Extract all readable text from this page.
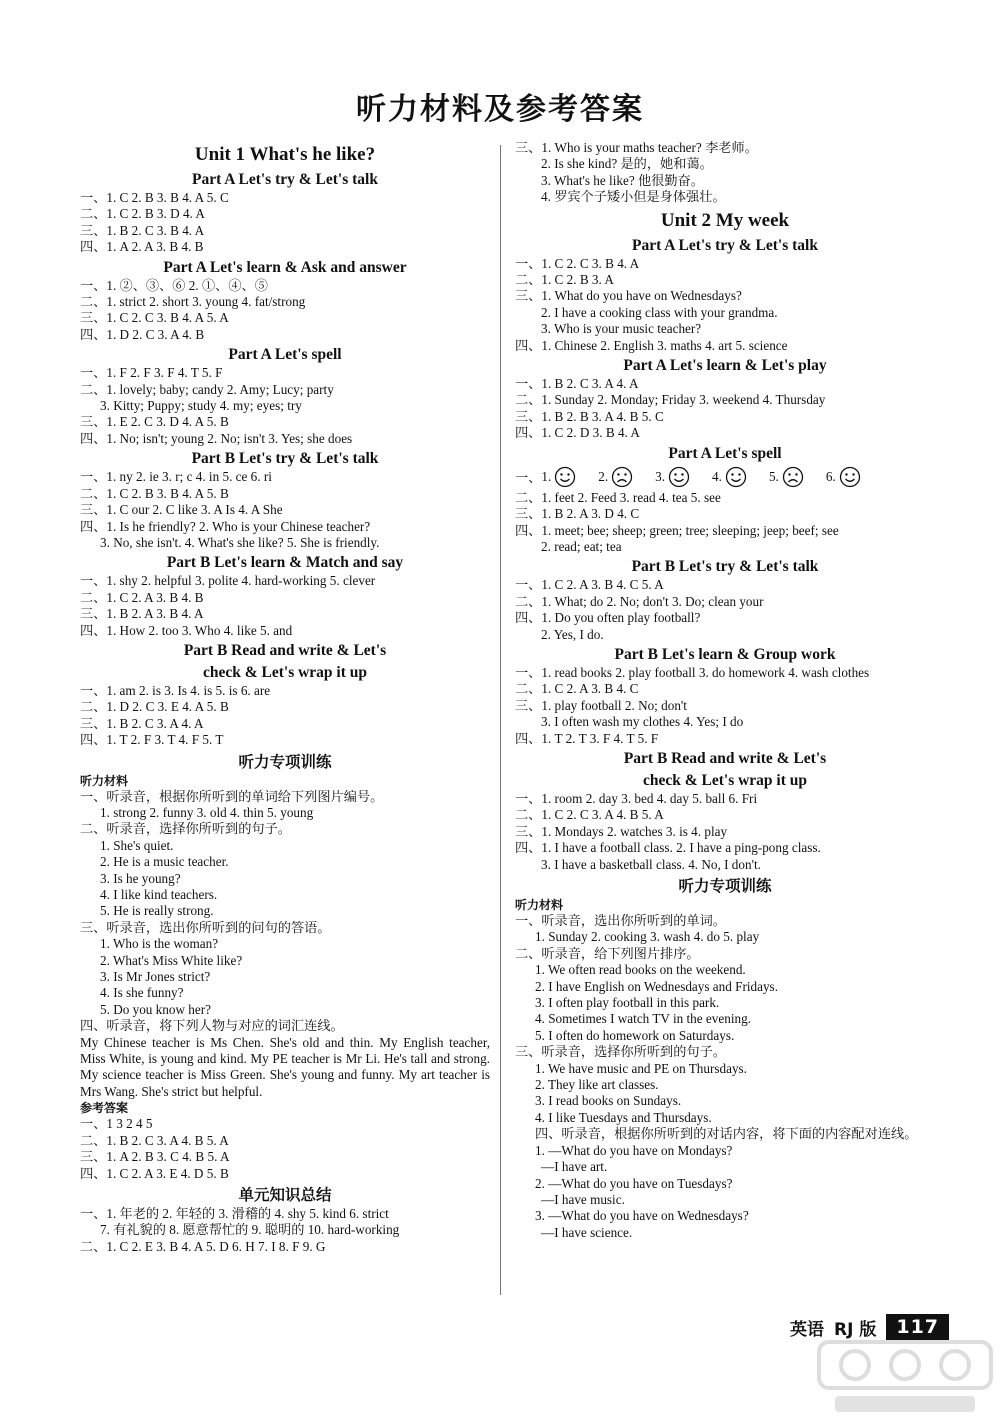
听力材料及参考答案
Unit 1 What's he like?
Part A Let's try & Let's talk
一、1. C 2. B 3. B 4. A 5. C
二、1. C 2. B 3. D 4. A
三、1. B 2. C 3. B 4. A
四、1. A 2. A 3. B 4. B
Part A Let's learn & Ask and answer
一、1. ②、③、⑥ 2. ①、④、⑤
二、1. strict 2. short 3. young 4. fat/strong
三、1. C 2. C 3. B 4. A 5. A
四、1. D 2. C 3. A 4. B
Part A Let's spell
一、1. F 2. F 3. F 4. T 5. F
二、1. lovely; baby; candy 2. Amy; Lucy; party
3. Kitty; Puppy; study 4. my; eyes; try
三、1. E 2. C 3. D 4. A 5. B
四、1. No; isn't; young 2. No; isn't 3. Yes; she does
Part B Let's try & Let's talk
一、1. ny 2. ie 3. r; c 4. in 5. ce 6. ri
二、1. C 2. B 3. B 4. A 5. B
三、1. C our 2. C like 3. A Is 4. A She
四、1. Is he friendly? 2. Who is your Chinese teacher?
3. No, she isn't. 4. What's she like? 5. She is friendly.
Part B Let's learn & Match and say
一、1. shy 2. helpful 3. polite 4. hard-working 5. clever
二、1. C 2. A 3. B 4. B
三、1. B 2. A 3. B 4. A
四、1. How 2. too 3. Who 4. like 5. and
Part B Read and write & Let's
check & Let's wrap it up
一、1. am 2. is 3. Is 4. is 5. is 6. are
二、1. D 2. C 3. E 4. A 5. B
三、1. B 2. C 3. A 4. A
四、1. T 2. F 3. T 4. F 5. T
听力专项训练
听力材料
一、听录音，根据你所听到的单词给下列图片编号。
1. strong 2. funny 3. old 4. thin 5. young
二、听录音，选择你所听到的句子。
1. She's quiet.
2. He is a music teacher.
3. Is he young?
4. I like kind teachers.
5. He is really strong.
三、听录音，选出你所听到的问句的答语。
1. Who is the woman?
2. What's Miss White like?
3. Is Mr Jones strict?
4. Is she funny?
5. Do you know her?
四、听录音，将下列人物与对应的词汇连线。
My Chinese teacher is Ms Chen. She's old and thin. My English teacher, Miss White, is young and kind. My PE teacher is Mr Li. He's tall and strong. My science teacher is Miss Green. She's young and funny. My art teacher is Mrs Wang. She's strict but helpful.
参考答案
一、1 3 2 4 5
二、1. B 2. C 3. A 4. B 5. A
三、1. A 2. B 3. C 4. B 5. A
四、1. C 2. A 3. E 4. D 5. B
单元知识总结
一、1. 年老的 2. 年轻的 3. 滑稽的 4. shy 5. kind 6. strict
7. 有礼貌的 8. 愿意帮忙的 9. 聪明的 10. hard-working
二、1. C 2. E 3. B 4. A 5. D 6. H 7. I 8. F 9. G
三、1. Who is your maths teacher? 李老师。
2. Is she kind? 是的，她和蔼。
3. What's he like? 他很勤奋。
4. 罗宾个子矮小但是身体强壮。
Unit 2 My week
Part A Let's try & Let's talk
一、1. C 2. C 3. B 4. A
二、1. C 2. B 3. A
三、1. What do you have on Wednesdays?
2. I have a cooking class with your grandma.
3. Who is your music teacher?
四、1. Chinese 2. English 3. maths 4. art 5. science
Part A Let's learn & Let's play
一、1. B 2. C 3. A 4. A
二、1. Sunday 2. Monday; Friday 3. weekend 4. Thursday
三、1. B 2. B 3. A 4. B 5. C
四、1. C 2. D 3. B 4. A
Part A Let's spell
一、 1.	2.	3.	4.	5.	6.
二、1. feet 2. Feed 3. read 4. tea 5. see
三、1. B 2. A 3. D 4. C
四、1. meet; bee; sheep; green; tree; sleeping; jeep; beef; see
2. read; eat; tea
Part B Let's try & Let's talk
一、1. C 2. A 3. B 4. C 5. A
二、1. What; do 2. No; don't 3. Do; clean your
四、1. Do you often play football?
2. Yes, I do.
Part B Let's learn & Group work
一、1. read books 2. play football 3. do homework 4. wash clothes
二、1. C 2. A 3. B 4. C
三、1. play football 2. No; don't
3. I often wash my clothes 4. Yes; I do
四、1. T 2. T 3. F 4. T 5. F
Part B Read and write & Let's
check & Let's wrap it up
一、1. room 2. day 3. bed 4. day 5. ball 6. Fri
二、1. C 2. C 3. A 4. B 5. A
三、1. Mondays 2. watches 3. is 4. play
四、1. I have a football class. 2. I have a ping-pong class.
3. I have a basketball class. 4. No, I don't.
听力专项训练
听力材料
一、听录音，选出你所听到的单词。
1. Sunday 2. cooking 3. wash 4. do 5. play
二、听录音，给下列图片排序。
1. We often read books on the weekend.
2. I have English on Wednesdays and Fridays.
3. I often play football in this park.
4. Sometimes I watch TV in the evening.
5. I often do homework on Saturdays.
三、听录音，选择你所听到的句子。
1. We have music and PE on Thursdays.
2. They like art classes.
3. I read books on Sundays.
4. I like Tuesdays and Thursdays.
四、听录音，根据你所听到的对话内容，将下面的内容配对连线。
1. —What do you have on Mondays?
—I have art.
2. —What do you have on Tuesdays?
—I have music.
3. —What do you have on Wednesdays?
—I have science.
英语 RJ 版	117
